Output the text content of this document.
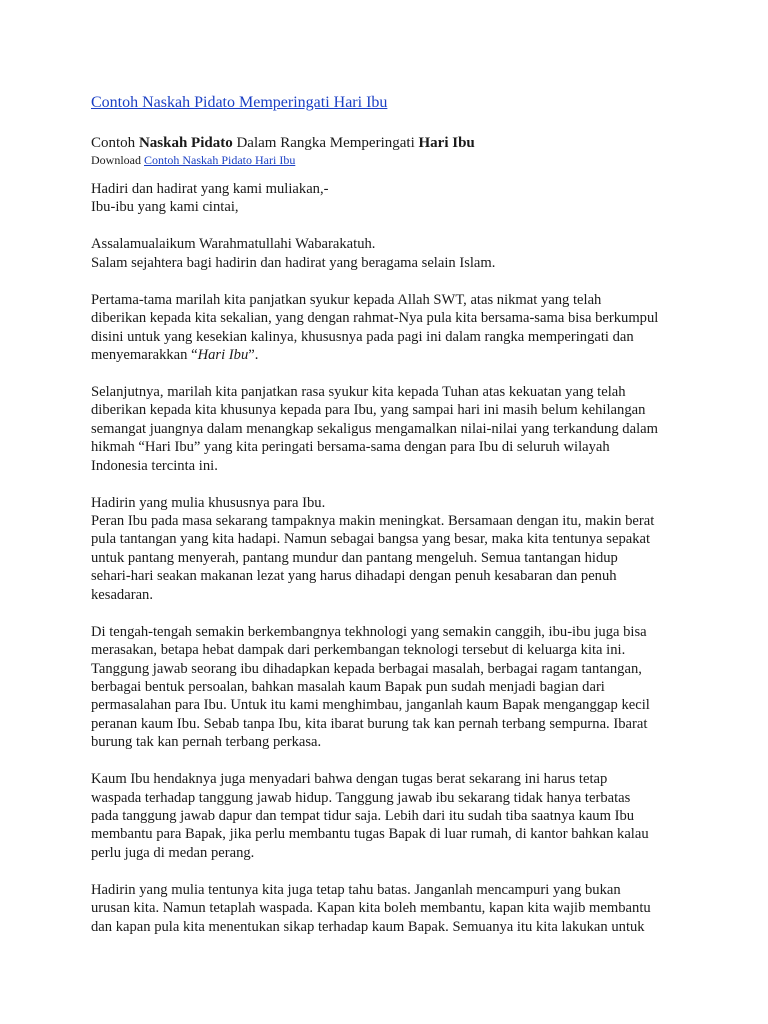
Contoh Naskah Pidato Memperingati Hari Ibu

Contoh Naskah Pidato Dalam Rangka Memperingati Hari Ibu

Download Contoh Naskah Pidato Hari Ibu

Hadiri dan hadirat yang kami muliakan,-
Ibu-ibu yang kami cintai,

Assalamualaikum Warahmatullahi Wabarakatuh.
Salam sejahtera bagi hadirin dan hadirat yang beragama selain Islam.

Pertama-tama marilah kita panjatkan syukur kepada Allah SWT, atas nikmat yang telah
diberikan kepada kita sekalian, yang dengan rahmat-Nya pula kita bersama-sama bisa berkumpul
disini untuk yang kesekian kalinya, khususnya pada pagi ini dalam rangka memperingati dan
menyemarakkan “Hari Ibu”.

Selanjutnya, marilah kita panjatkan rasa syukur kita kepada Tuhan atas kekuatan yang telah
diberikan kepada kita khusunya kepada para Ibu, yang sampai hari ini masih belum kehilangan
semangat juangnya dalam menangkap sekaligus mengamalkan nilai-nilai yang terkandung dalam
hikmah “Hari Ibu” yang kita peringati bersama-sama dengan para Ibu di seluruh wilayah
Indonesia tercinta ini.

Hadirin yang mulia khususnya para Ibu.
Peran Ibu pada masa sekarang tampaknya makin meningkat. Bersamaan dengan itu, makin berat
pula tantangan yang kita hadapi. Namun sebagai bangsa yang besar, maka kita tentunya sepakat
untuk pantang menyerah, pantang mundur dan pantang mengeluh. Semua tantangan hidup
sehari-hari seakan makanan lezat yang harus dihadapi dengan penuh kesabaran dan penuh
kesadaran.

Di tengah-tengah semakin berkembangnya tekhnologi yang semakin canggih, ibu-ibu juga bisa
merasakan, betapa hebat dampak dari perkembangan teknologi tersebut di keluarga kita ini.
Tanggung jawab seorang ibu dihadapkan kepada berbagai masalah, berbagai ragam tantangan,
berbagai bentuk persoalan, bahkan masalah kaum Bapak pun sudah menjadi bagian dari
permasalahan para Ibu. Untuk itu kami menghimbau, janganlah kaum Bapak menganggap kecil
peranan kaum Ibu. Sebab tanpa Ibu, kita ibarat burung tak kan pernah terbang sempurna. Ibarat
burung tak kan pernah terbang perkasa.

Kaum Ibu hendaknya juga menyadari bahwa dengan tugas berat sekarang ini harus tetap
waspada terhadap tanggung jawab hidup. Tanggung jawab ibu sekarang tidak hanya terbatas
pada tanggung jawab dapur dan tempat tidur saja. Lebih dari itu sudah tiba saatnya kaum Ibu
membantu para Bapak, jika perlu membantu tugas Bapak di luar rumah, di kantor bahkan kalau
perlu juga di medan perang.

Hadirin yang mulia tentunya kita juga tetap tahu batas. Janganlah mencampuri yang bukan
urusan kita. Namun tetaplah waspada. Kapan kita boleh membantu, kapan kita wajib membantu
dan kapan pula kita menentukan sikap terhadap kaum Bapak. Semuanya itu kita lakukan untuk
